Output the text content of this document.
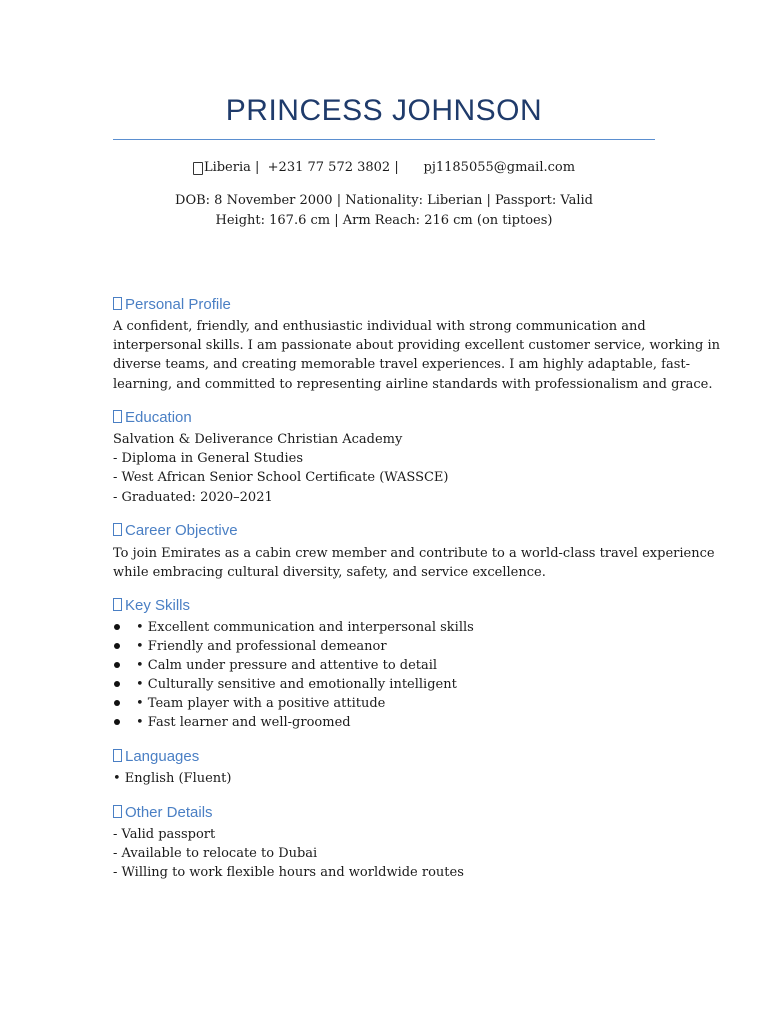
PRINCESS JOHNSON
Liberia |  +231 77 572 3802 |      pj1185055@gmail.com
DOB: 8 November 2000 | Nationality: Liberian | Passport: Valid
Height: 167.6 cm | Arm Reach: 216 cm (on tiptoes)
Personal Profile
A confident, friendly, and enthusiastic individual with strong communication and
interpersonal skills. I am passionate about providing excellent customer service, working in
diverse teams, and creating memorable travel experiences. I am highly adaptable, fast-
learning, and committed to representing airline standards with professionalism and grace.
Education
Salvation & Deliverance Christian Academy
- Diploma in General Studies
- West African Senior School Certificate (WASSCE)
- Graduated: 2020–2021
Career Objective
To join Emirates as a cabin crew member and contribute to a world-class travel experience
while embracing cultural diversity, safety, and service excellence.
Key Skills
• Excellent communication and interpersonal skills
• Friendly and professional demeanor
• Calm under pressure and attentive to detail
• Culturally sensitive and emotionally intelligent
• Team player with a positive attitude
• Fast learner and well-groomed
Languages
• English (Fluent)
Other Details
- Valid passport
- Available to relocate to Dubai
- Willing to work flexible hours and worldwide routes
